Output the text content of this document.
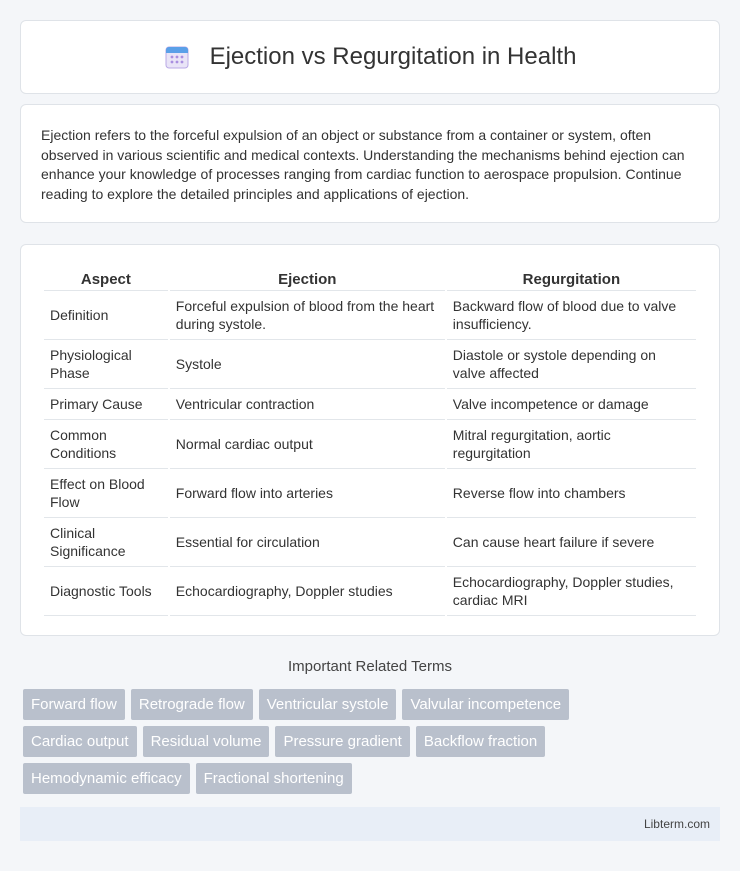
Ejection vs Regurgitation in Health

Ejection refers to the forceful expulsion of an object or substance from a container or system, often observed in various scientific and medical contexts. Understanding the mechanisms behind ejection can enhance your knowledge of processes ranging from cardiac function to aerospace propulsion. Continue reading to explore the detailed principles and applications of ejection.

Aspect	Ejection	Regurgitation
Definition	Forceful expulsion of blood from the heart during systole.	Backward flow of blood due to valve insufficiency.
Physiological Phase	Systole	Diastole or systole depending on valve affected
Primary Cause	Ventricular contraction	Valve incompetence or damage
Common Conditions	Normal cardiac output	Mitral regurgitation, aortic regurgitation
Effect on Blood Flow	Forward flow into arteries	Reverse flow into chambers
Clinical Significance	Essential for circulation	Can cause heart failure if severe
Diagnostic Tools	Echocardiography, Doppler studies	Echocardiography, Doppler studies, cardiac MRI
Important Related Terms
Forward flow	Retrograde flow	Ventricular systole	Valvular incompetence
Cardiac output	Residual volume	Pressure gradient	Backflow fraction
Hemodynamic efficacy	Fractional shortening
Libterm.com
